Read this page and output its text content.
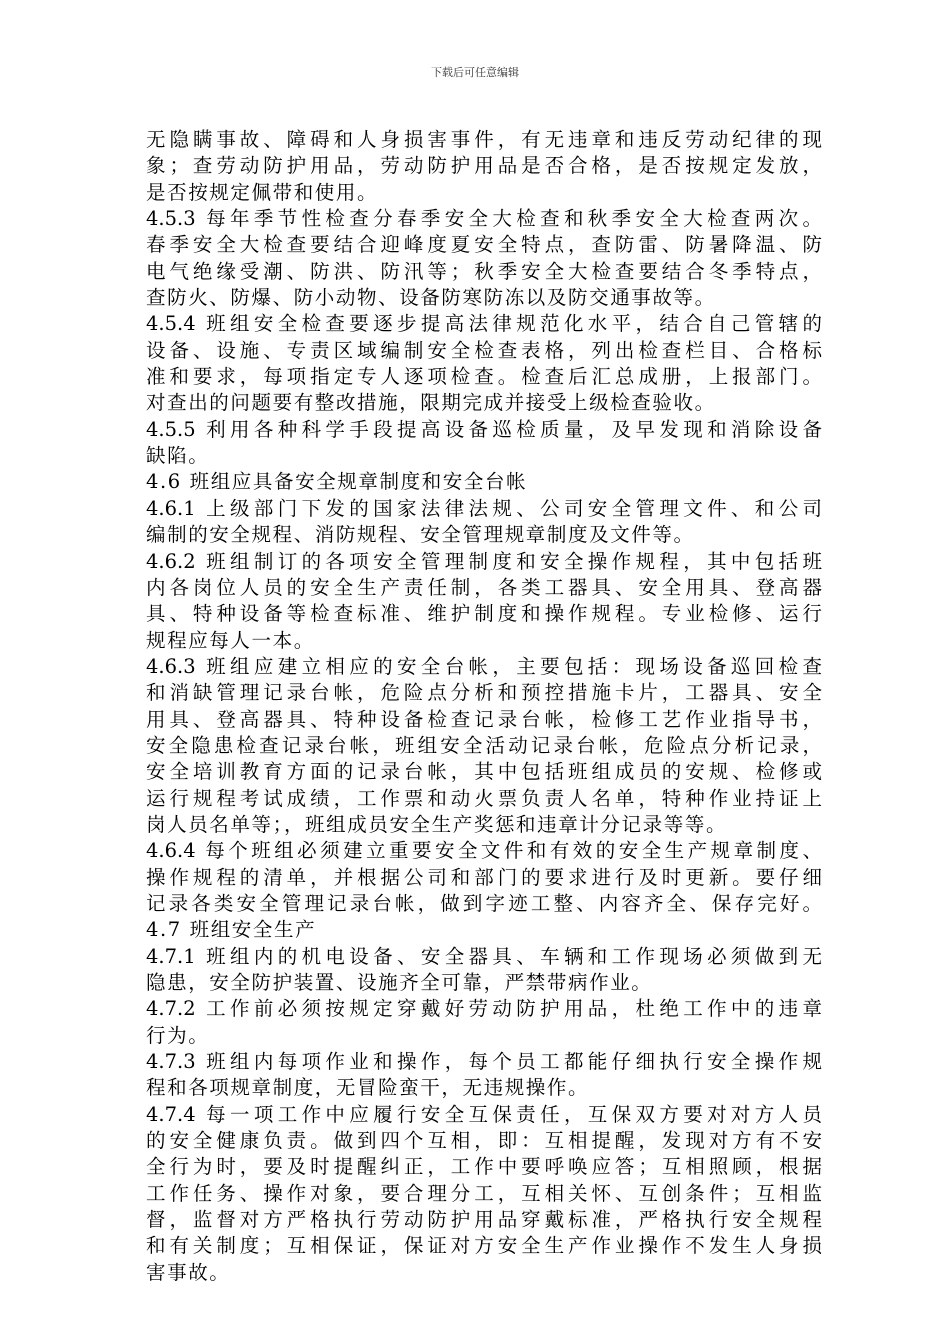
下载后可任意编辑
无隐瞒事故、障碍和人身损害事件，有无违章和违反劳动纪律的现
象；查劳动防护用品，劳动防护用品是否合格，是否按规定发放，
是否按规定佩带和使用。
4.5.3 每年季节性检查分春季安全大检查和秋季安全大检查两次。
春季安全大检查要结合迎峰度夏安全特点，查防雷、防暑降温、防
电气绝缘受潮、防洪、防汛等；秋季安全大检查要结合冬季特点，
查防火、防爆、防小动物、设备防寒防冻以及防交通事故等。
4.5.4 班组安全检查要逐步提高法律规范化水平，结合自己管辖的
设备、设施、专责区域编制安全检查表格，列出检查栏目、合格标
准和要求，每项指定专人逐项检查。检查后汇总成册，上报部门。
对查出的问题要有整改措施，限期完成并接受上级检查验收。
4.5.5 利用各种科学手段提高设备巡检质量，及早发现和消除设备
缺陷。
4.6 班组应具备安全规章制度和安全台帐
4.6.1 上级部门下发的国家法律法规、公司安全管理文件、和公司
编制的安全规程、消防规程、安全管理规章制度及文件等。
4.6.2 班组制订的各项安全管理制度和安全操作规程，其中包括班
内各岗位人员的安全生产责任制，各类工器具、安全用具、登高器
具、特种设备等检查标准、维护制度和操作规程。专业检修、运行
规程应每人一本。
4.6.3 班组应建立相应的安全台帐，主要包括：现场设备巡回检查
和消缺管理记录台帐，危险点分析和预控措施卡片，工器具、安全
用具、登高器具、特种设备检查记录台帐，检修工艺作业指导书，
安全隐患检查记录台帐，班组安全活动记录台帐，危险点分析记录，
安全培训教育方面的记录台帐，其中包括班组成员的安规、检修或
运行规程考试成绩，工作票和动火票负责人名单，特种作业持证上
岗人员名单等；，班组成员安全生产奖惩和违章计分记录等等。
4.6.4 每个班组必须建立重要安全文件和有效的安全生产规章制度、
操作规程的清单，并根据公司和部门的要求进行及时更新。要仔细
记录各类安全管理记录台帐，做到字迹工整、内容齐全、保存完好。
4.7 班组安全生产
4.7.1 班组内的机电设备、安全器具、车辆和工作现场必须做到无
隐患，安全防护装置、设施齐全可靠，严禁带病作业。
4.7.2 工作前必须按规定穿戴好劳动防护用品，杜绝工作中的违章
行为。
4.7.3 班组内每项作业和操作，每个员工都能仔细执行安全操作规
程和各项规章制度，无冒险蛮干，无违规操作。
4.7.4 每一项工作中应履行安全互保责任，互保双方要对对方人员
的安全健康负责。做到四个互相，即：互相提醒，发现对方有不安
全行为时，要及时提醒纠正，工作中要呼唤应答；互相照顾，根据
工作任务、操作对象，要合理分工，互相关怀、互创条件；互相监
督，监督对方严格执行劳动防护用品穿戴标准，严格执行安全规程
和有关制度；互相保证，保证对方安全生产作业操作不发生人身损
害事故。
